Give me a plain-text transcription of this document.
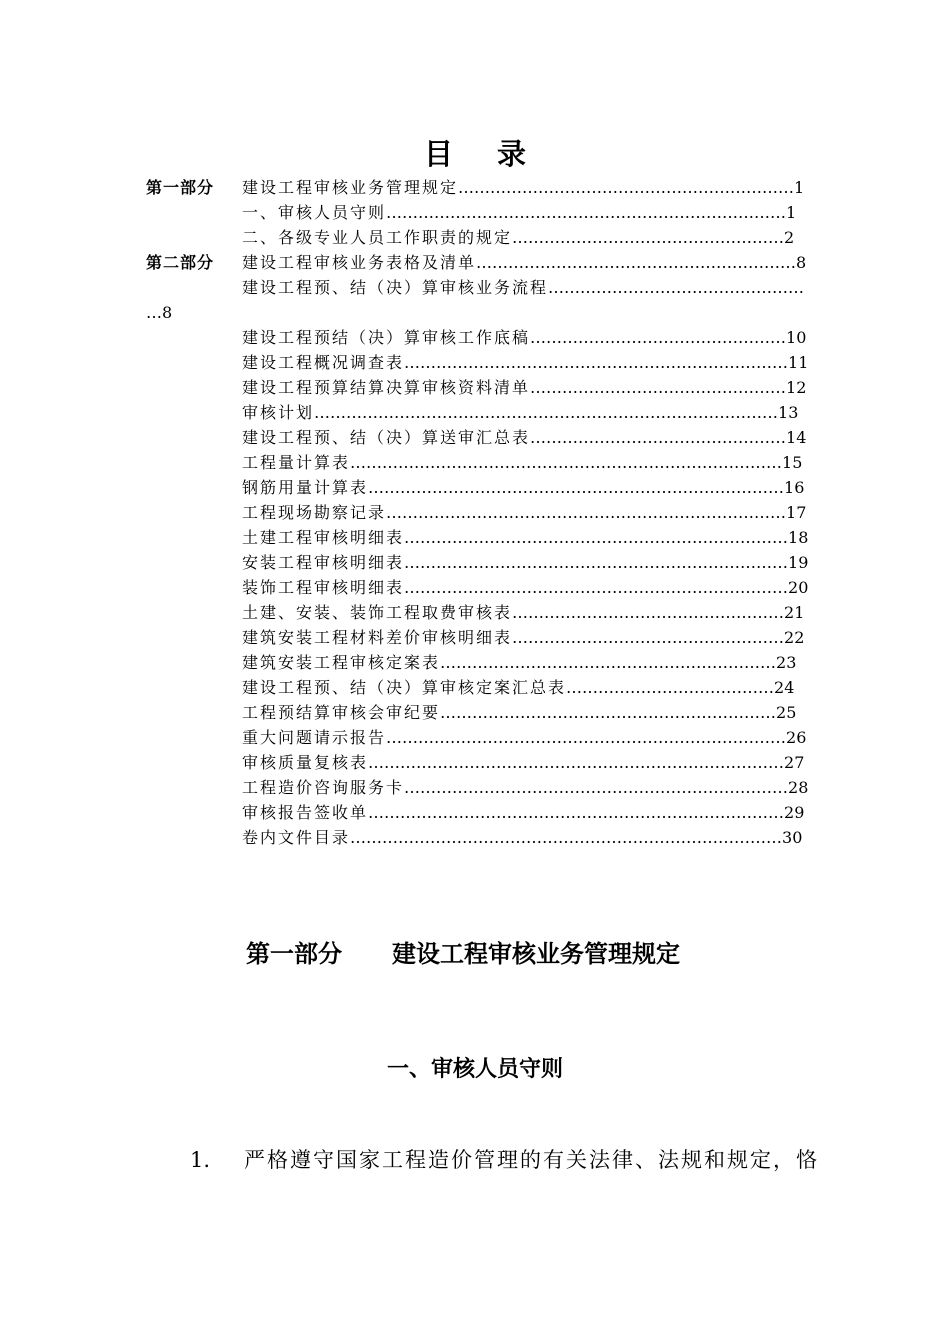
目 录
建设工程审核业务管理规定………………………………………………………1
一、审核人员守则…………………………………………………………………1
二、各级专业人员工作职责的规定……………………………………………2
建设工程审核业务表格及清单……………………………………………………8
建设工程预、结（决）算审核业务流程…………………………………………
建设工程预结（决）算审核工作底稿…………………………………………10
建设工程概况调查表………………………………………………………………11
建设工程预算结算决算审核资料清单…………………………………………12
审核计划……………………………………………………………………………13
建设工程预、结（决）算送审汇总表…………………………………………14
工程量计算表………………………………………………………………………15
钢筋用量计算表……………………………………………………………………16
工程现场勘察记录…………………………………………………………………17
土建工程审核明细表………………………………………………………………18
安装工程审核明细表………………………………………………………………19
装饰工程审核明细表………………………………………………………………20
土建、安装、装饰工程取费审核表……………………………………………21
建筑安装工程材料差价审核明细表……………………………………………22
建筑安装工程审核定案表………………………………………………………23
建设工程预、结（决）算审核定案汇总表…………………………………24
工程预结算审核会审纪要………………………………………………………25
重大问题请示报告…………………………………………………………………26
审核质量复核表……………………………………………………………………27
工程造价咨询服务卡………………………………………………………………28
审核报告签收单……………………………………………………………………29
卷内文件目录………………………………………………………………………30
第一部分
第二部分
…8
第一部分 建设工程审核业务管理规定
一、审核人员守则
1. 严格遵守国家工程造价管理的有关法律、法规和规定，恪
